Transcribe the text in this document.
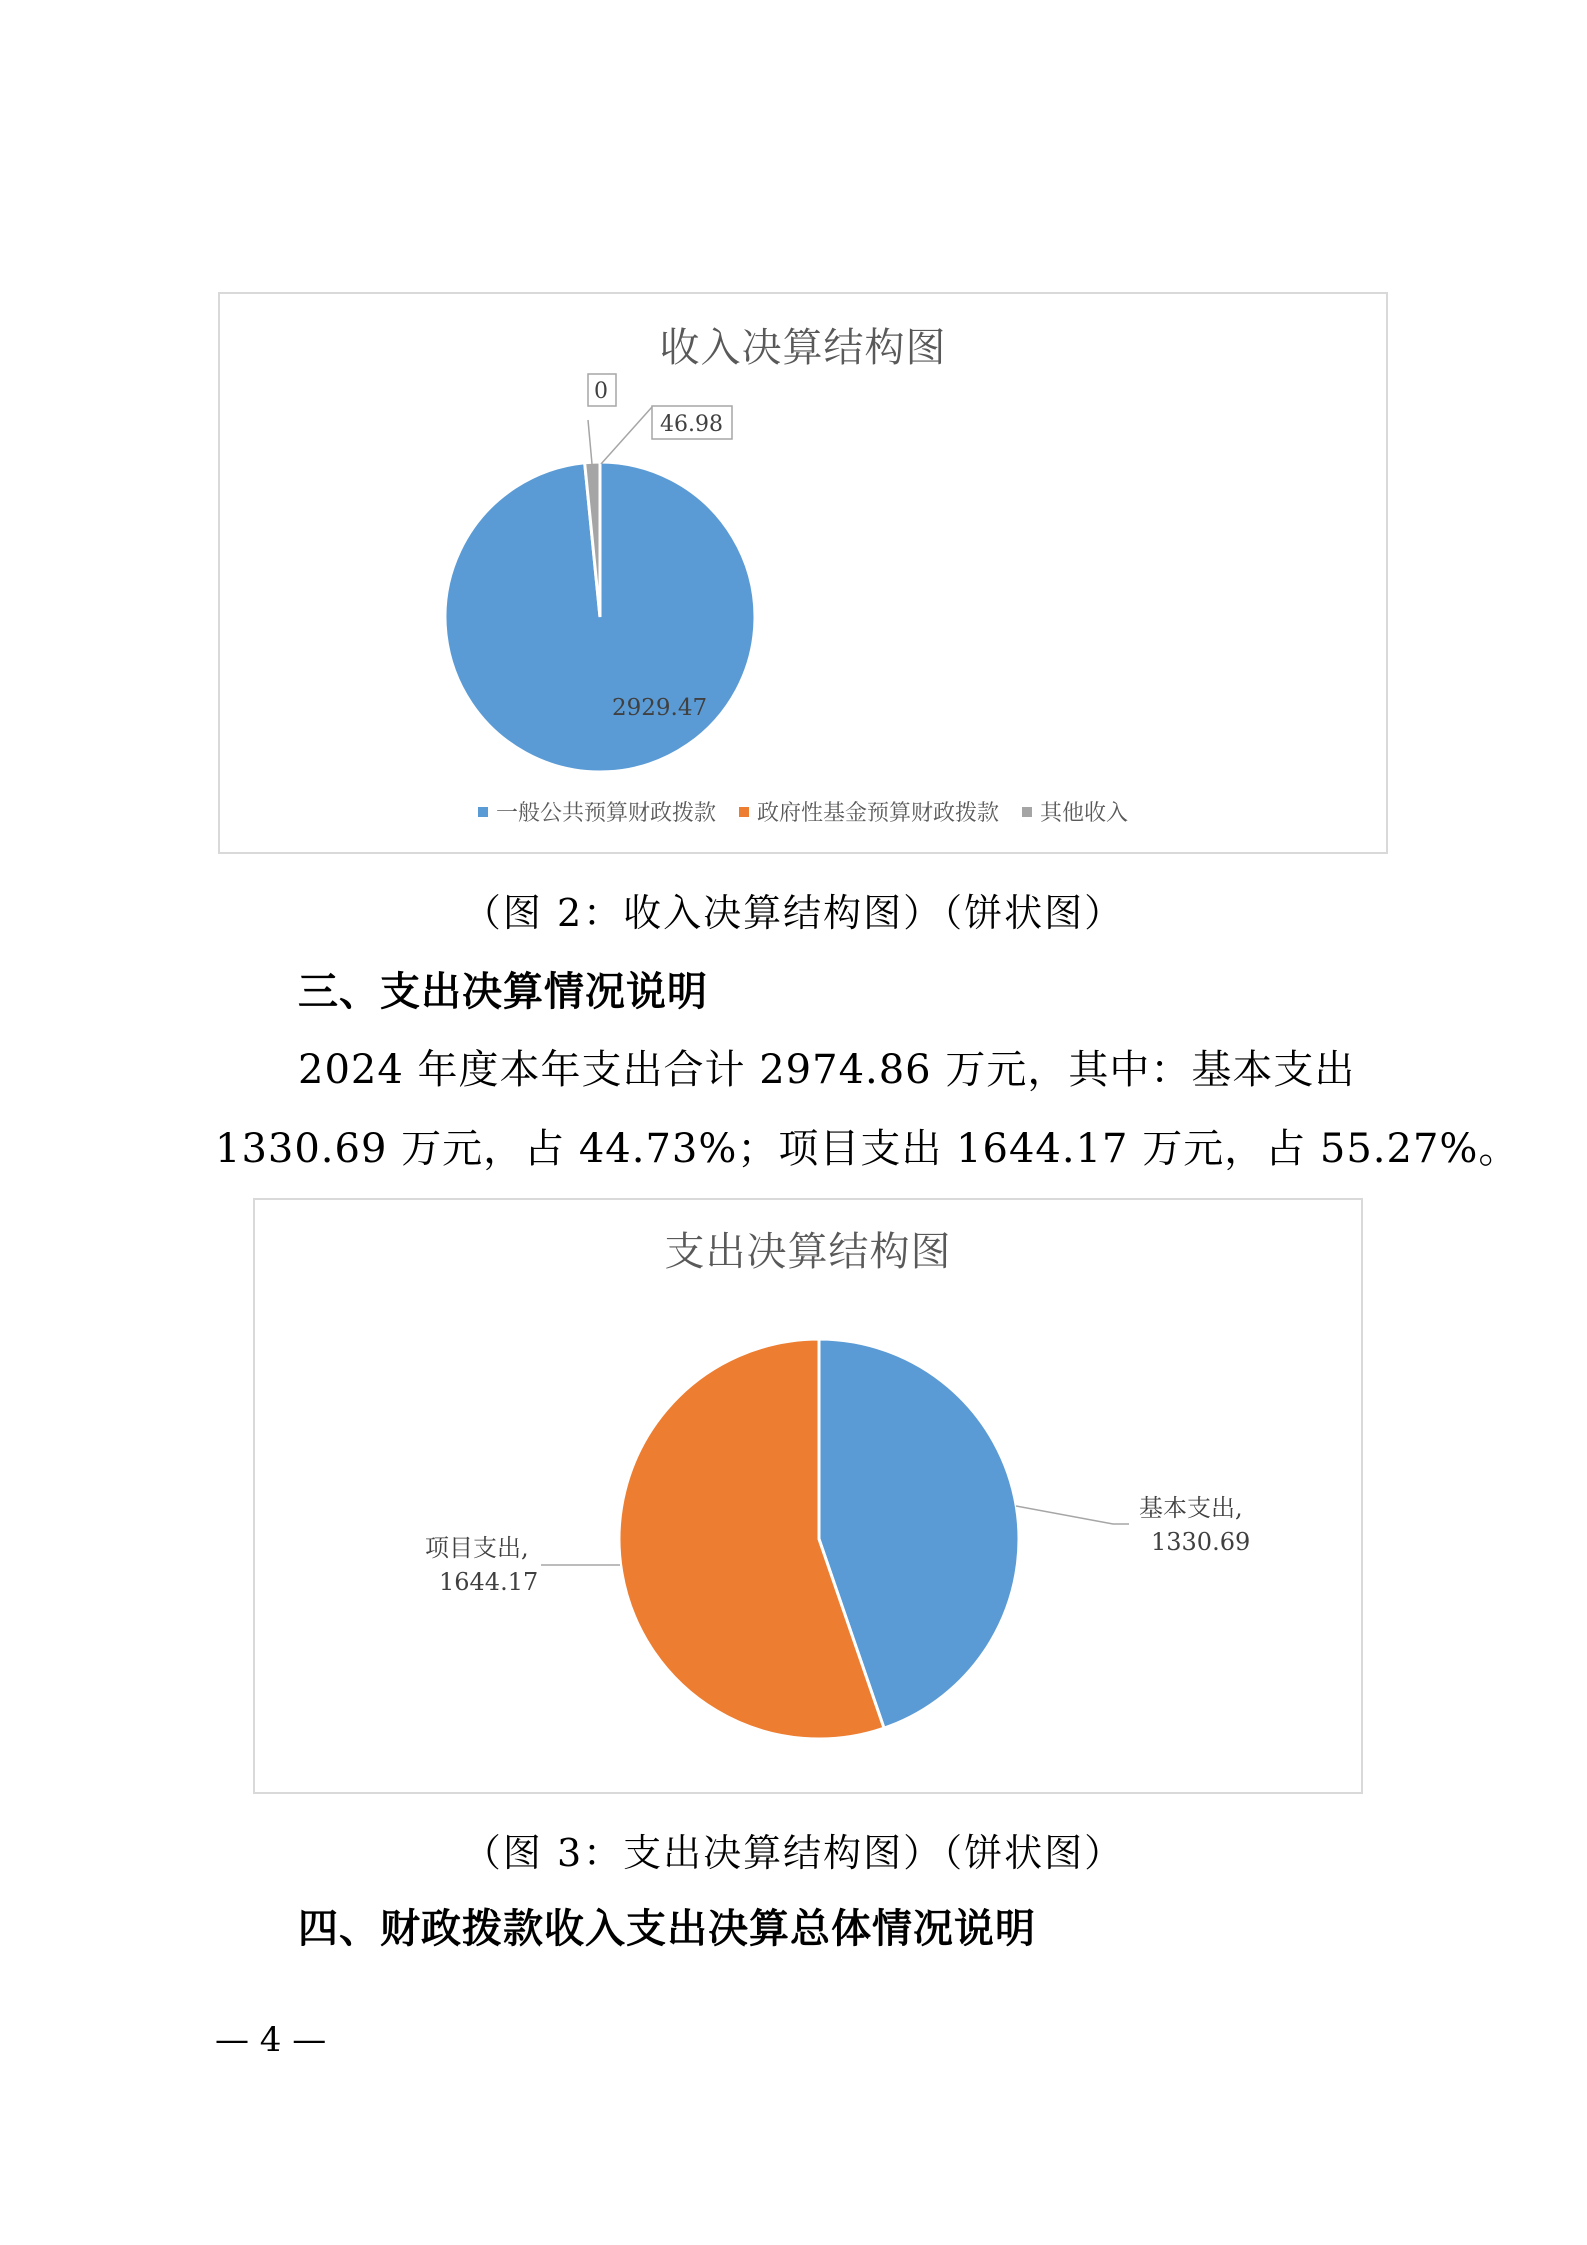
收入决算结构图
2929.47
0
46.98
一般公共预算财政拨款 政府性基金预算财政拨款 其他收入
（图 2：收入决算结构图）（饼状图）
三、支出决算情况说明
2024 年度本年支出合计 2974.86 万元，其中：基本支出
1330.69 万元，占 44.73%；项目支出 1644.17 万元，占 55.27%。
支出决算结构图
基本支出,
1330.69
项目支出,
1644.17
（图 3：支出决算结构图）（饼状图）
四、财政拨款收入支出决算总体情况说明
— 4 —
